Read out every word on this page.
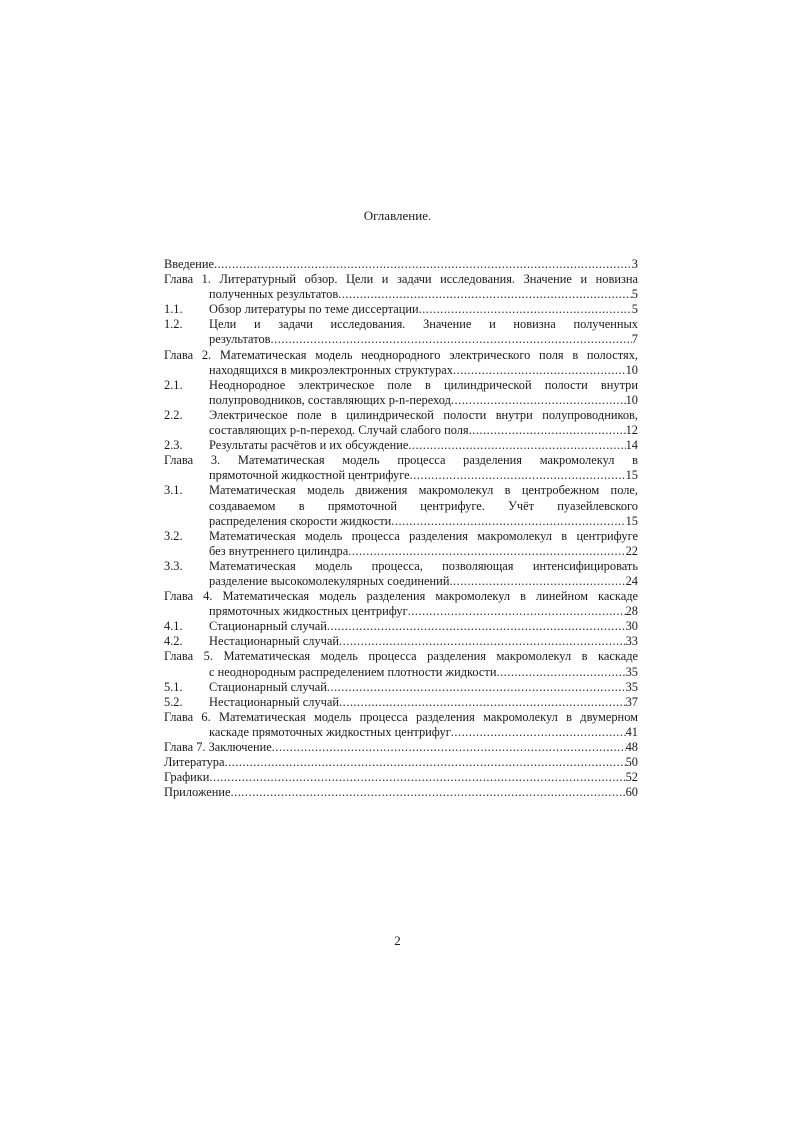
Оглавление.
Введение .....	3
Глава 1. Литературный обзор. Цели и задачи исследования. Значение и новизна
полученных результатов .....	5
1.1.	Обзор литературы по теме диссертации .....	5
1.2.	Цели и задачи исследования. Значение и новизна полученных
результатов .....	7
Глава 2. Математическая модель неоднородного электрического поля в полостях,
находящихся в микроэлектронных структурах .....	10
2.1.	Неоднородное электрическое поле в цилиндрической полости внутри
полупроводников, составляющих p-n-переход .....	10
2.2.	Электрическое поле в цилиндрической полости внутри полупроводников,
составляющих p-n-переход. Случай слабого поля .....	12
2.3.	Результаты расчётов и их обсуждение .....	14
Глава 3. Математическая модель процесса разделения макромолекул в
прямоточной жидкостной центрифуге .....	15
3.1.	Математическая модель движения макромолекул в центробежном поле,
создаваемом в прямоточной центрифуге. Учёт пуазейлевского
распределения скорости жидкости .....	15
3.2.	Математическая модель процесса разделения макромолекул в центрифуге
без внутреннего цилиндра .....	22
3.3.	Математическая модель процесса, позволяющая интенсифицировать
разделение высокомолекулярных соединений .....	24
Глава 4. Математическая модель разделения макромолекул в линейном каскаде
прямоточных жидкостных центрифуг .....	28
4.1.	Стационарный случай .....	30
4.2.	Нестационарный случай .....	33
Глава 5. Математическая модель процесса разделения макромолекул в каскаде
с неоднородным распределением плотности жидкости .....	35
5.1.	Стационарный случай .....	35
5.2.	Нестационарный случай .....	37
Глава 6. Математическая модель процесса разделения макромолекул в двумерном
каскаде прямоточных жидкостных центрифуг .....	41
Глава 7. Заключение .....	48
Литература .....	50
Графики .....	52
Приложение .....	60
2
